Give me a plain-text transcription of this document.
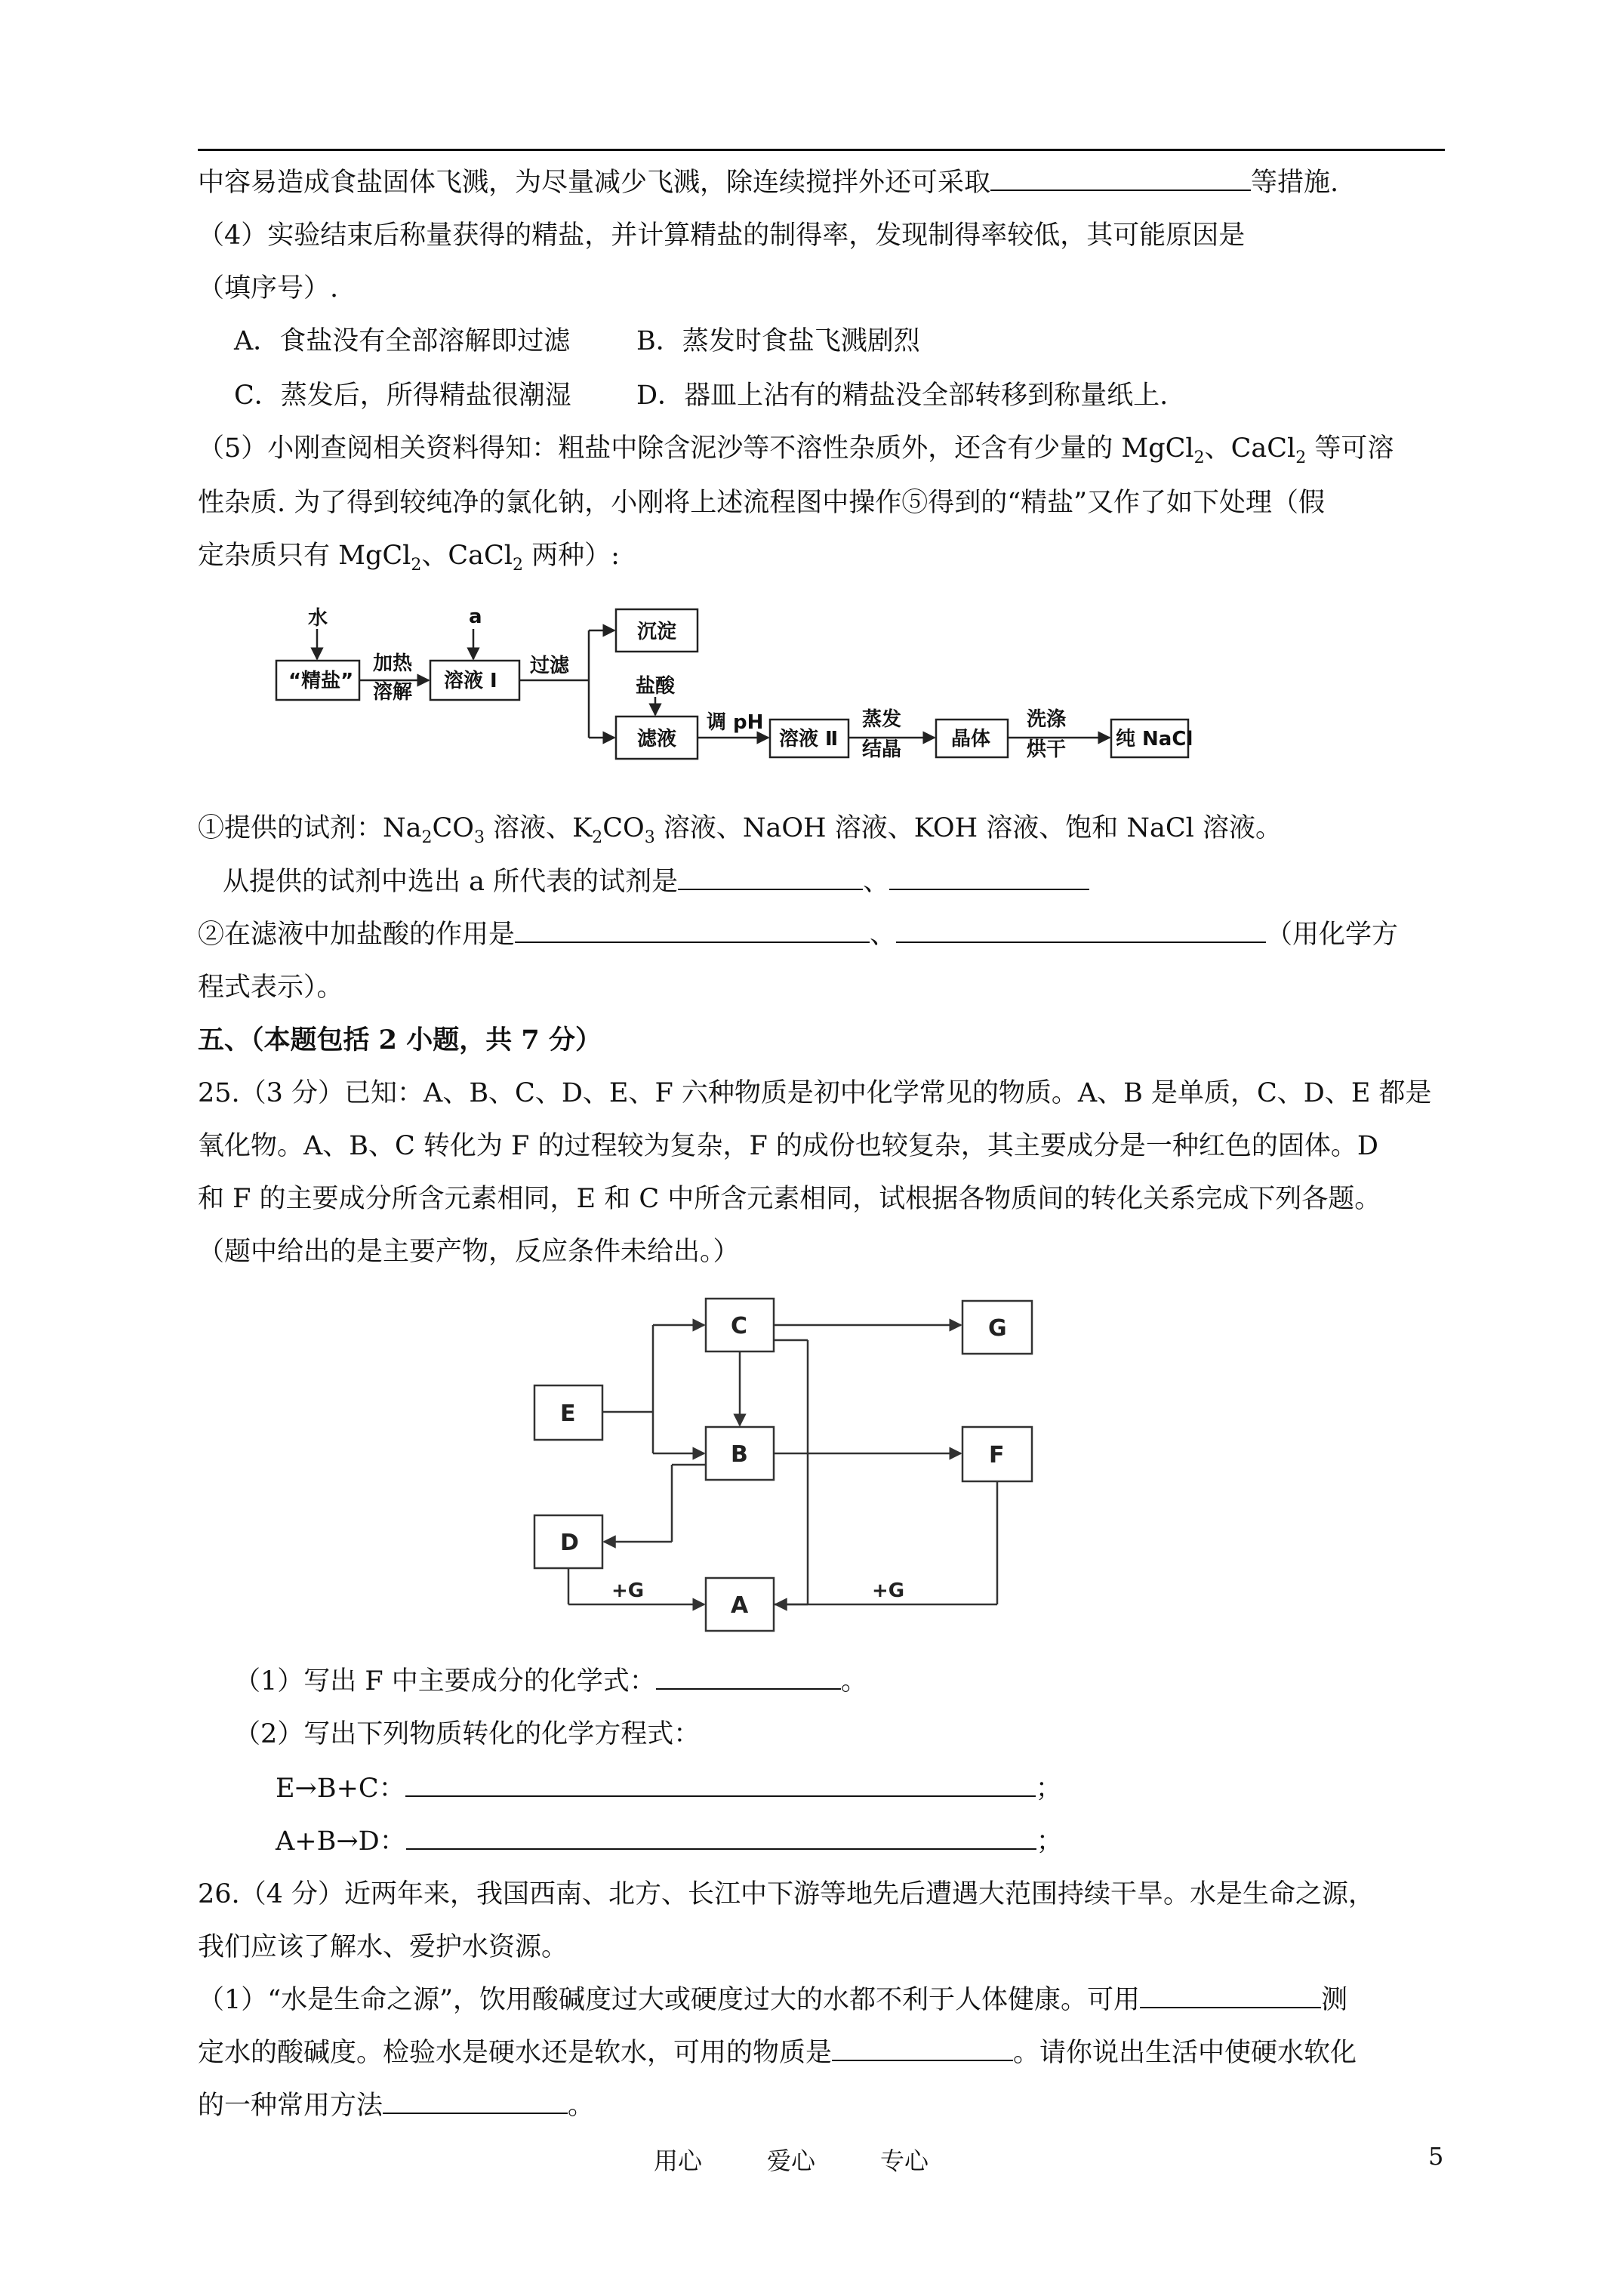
中容易造成食盐固体飞溅，为尽量减少飞溅，除连续搅拌外还可采取	等措施.
（4）实验结束后称量获得的精盐，并计算精盐的制得率，发现制得率较低，其可能原因是
（填序号）.
A．食盐没有全部溶解即过滤	B．蒸发时食盐飞溅剧烈
C．蒸发后，所得精盐很潮湿 D．器皿上沾有的精盐没全部转移到称量纸上.
（5）小刚查阅相关资料得知：粗盐中除含泥沙等不溶性杂质外，还含有少量的 MgCl$_2$、CaCl$_2$ 等可溶
性杂质. 为了得到较纯净的氯化钠，小刚将上述流程图中操作⑤得到的“精盐”又作了如下处理（假
定杂质只有 MgCl$_2$、CaCl$_2$ 两种）:
水
“精盐”
加热
溶解
a
溶液 Ⅰ
过滤
沉淀
盐酸
滤液
调 pH
溶液 Ⅱ
蒸发
结晶	晶体
洗涤
烘干	纯 NaCl
①提供的试剂：$Na_2CO_3$ 溶液、$K_2CO_3$ 溶液、NaOH 溶液、KOH 溶液、饱和 NaCl 溶液。
从提供的试剂中选出 a 所代表的试剂是	、
②在滤液中加盐酸的作用是	、	（用化学方
程式表示）。
五、（本题包括 2 小题，共 7 分）
25.（3 分）已知：A、B、C、D、E、F 六种物质是初中化学常见的物质。A、B 是单质，C、D、E 都是
氧化物。A、B、C 转化为 F 的过程较为复杂，F 的成份也较复杂，其主要成分是一种红色的固体。D
和 F 的主要成分所含元素相同，E 和 C 中所含元素相同，试根据各物质间的转化关系完成下列各题。
（题中给出的是主要产物，反应条件未给出。）
C	G
E
B	F
D
A
+G	+G
（1）写出 F 中主要成分的化学式：	。
（2）写出下列物质转化的化学方程式：
E→B+C：	；
A+B→D：	；
26.（4 分）近两年来，我国西南、北方、长江中下游等地先后遭遇大范围持续干旱。水是生命之源，
我们应该了解水、爱护水资源。
（1）“水是生命之源”，饮用酸碱度过大或硬度过大的水都不利于人体健康。可用	测
定水的酸碱度。检验水是硬水还是软水，可用的物质是	。请你说出生活中使硬水软化
的一种常用方法	。
用心	爱心	专心	5
